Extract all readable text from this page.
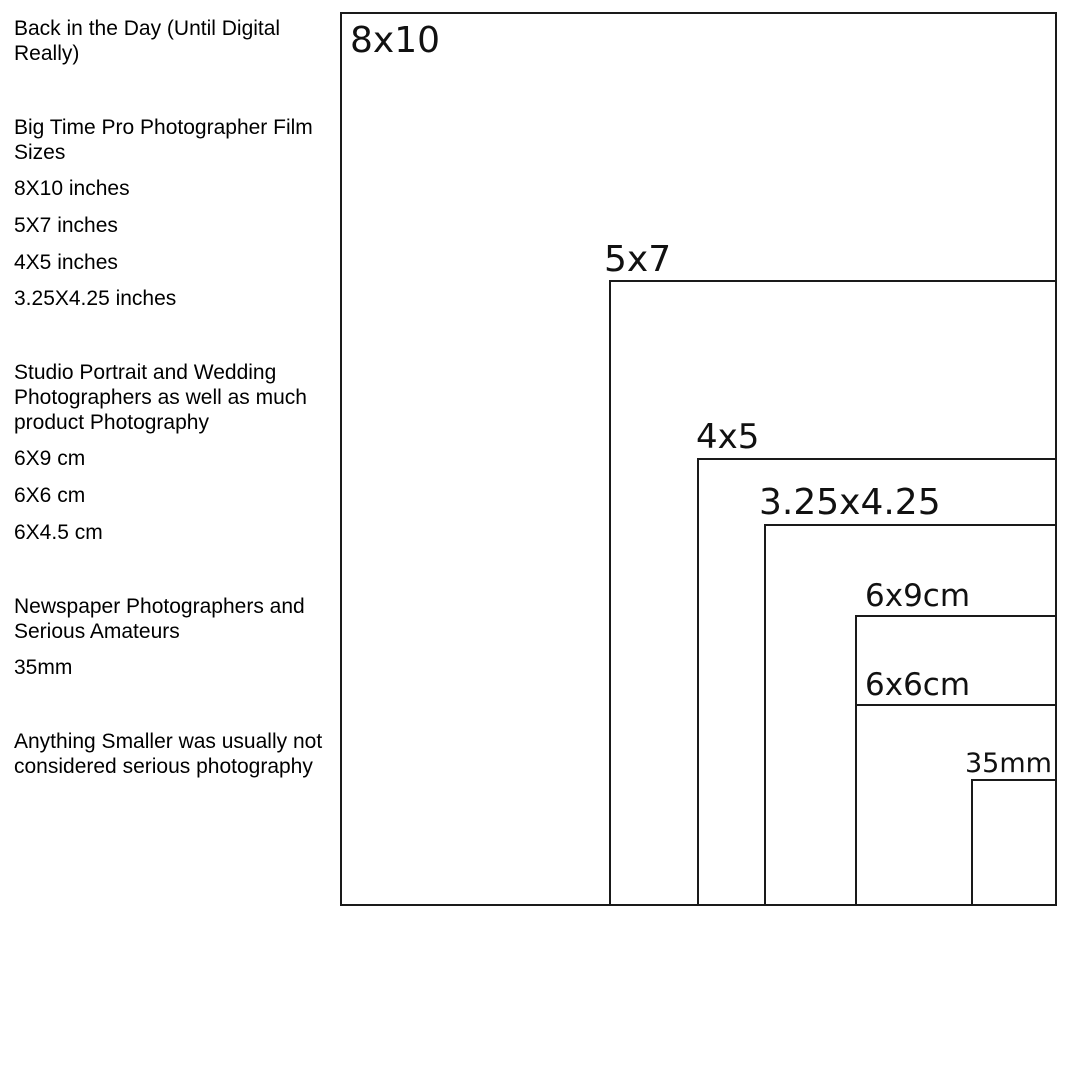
Back in the Day (Until Digital Really)

Big Time Pro Photographer Film Sizes

8X10 inches

5X7 inches

4X5 inches

3.25X4.25 inches

Studio Portrait and Wedding Photographers as well as much product Photography

6X9 cm

6X6 cm

6X4.5 cm

Newspaper Photographers and Serious Amateurs

35mm

Anything Smaller was usually not considered serious photography

8x10
5x7
4x5
3.25x4.25
6x9cm
6x6cm
35mm
